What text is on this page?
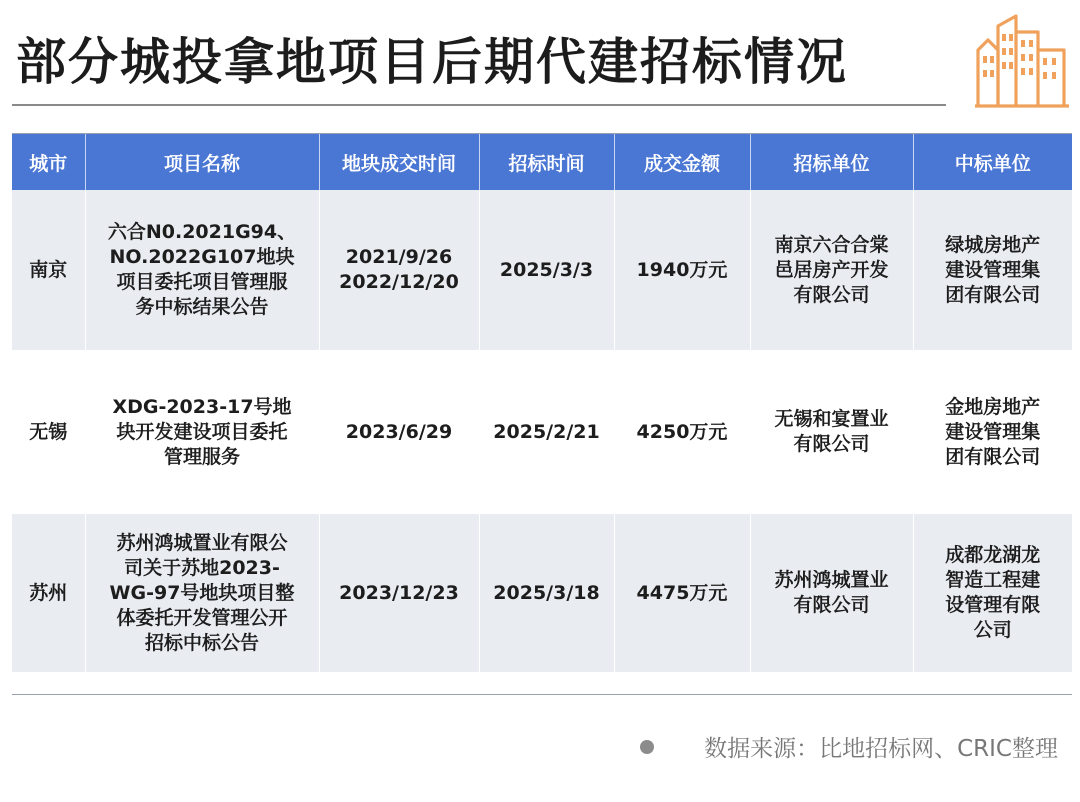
部分城投拿地项目后期代建招标情况
城市	项目名称	地块成交时间	招标时间	成交金额	招标单位	中标单位
南京	六合N0.2021G94、
NO.2022G107地块
项目委托项目管理服
务中标结果公告	2021/9/26
2022/12/20	2025/3/3	1940万元	南京六合合棠
邑居房产开发
有限公司	绿城房地产
建设管理集
团有限公司

无锡	XDG-2023-17号地
块开发建设项目委托
管理服务	2023/6/29	2025/2/21	4250万元	无锡和宴置业
有限公司	金地房地产
建设管理集
团有限公司

苏州	苏州鸿城置业有限公
司关于苏地2023-
WG-97号地块项目整
体委托开发管理公开
招标中标公告	2023/12/23	2025/3/18	4475万元	苏州鸿城置业
有限公司	成都龙湖龙
智造工程建
设管理有限
公司
数据来源：比地招标网、CRIC整理
